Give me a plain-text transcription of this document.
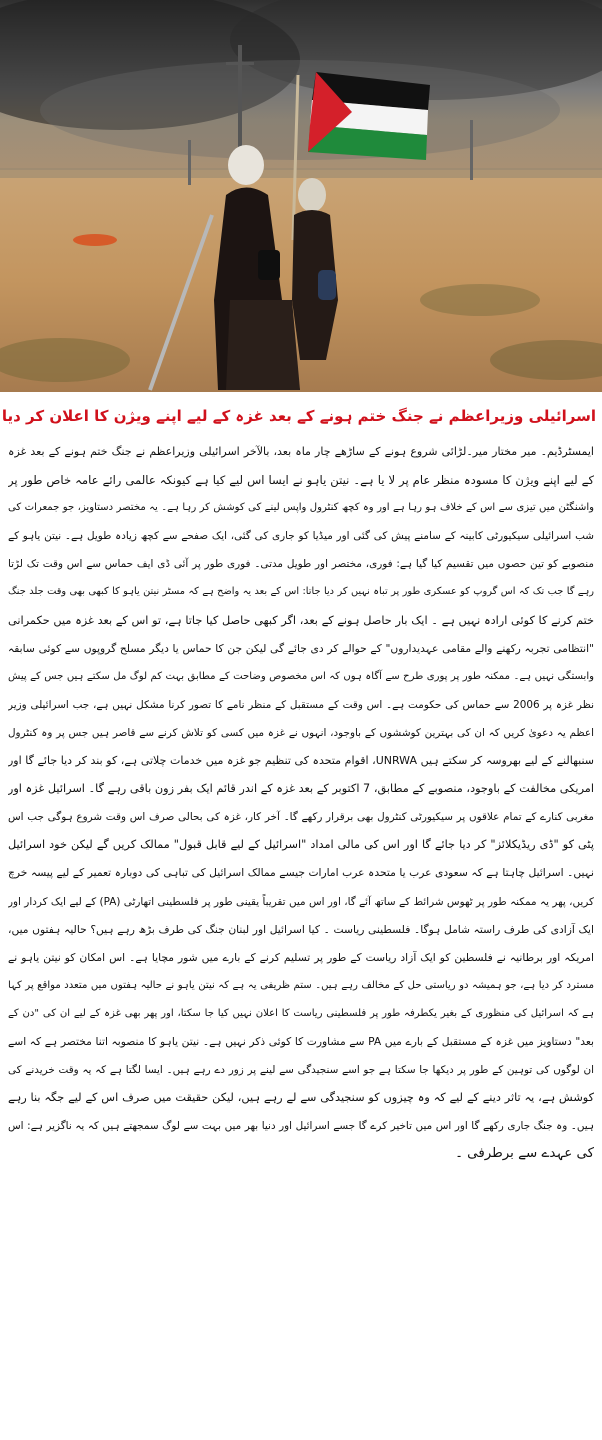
اسرائیلی وزیراعظم نے جنگ ختم ہونے کے بعد غزہ کے لیے اپنے ویژن کا اعلان کر دیا
ایمسٹرڈیم۔ میر مختار میر۔لڑائی شروع ہونے کے ساڑھے چار ماہ بعد، بالآخر اسرائیلی وزیراعظم نے جنگ ختم ہونے کے بعد غزہ
کے لیے اپنے ویژن کا مسودہ منظر عام پر لا یا ہے۔ نیتن یاہو نے ایسا اس لیے کیا ہے کیونکہ عالمی رائے عامہ خاص طور پر
واشنگٹن میں تیزی سے اس کے خلاف ہو رہا ہے اور وہ کچھ کنٹرول واپس لینے کی کوشش کر رہا ہے۔ یہ مختصر دستاویز، جو جمعرات کی
شب اسرائیلی سیکیورٹی کابینہ کے سامنے پیش کی گئی اور میڈیا کو جاری کی گئی، ایک صفحے سے کچھ زیادہ طویل ہے۔ نیتن یاہو کے
منصوبے کو تین حصوں میں تقسیم کیا گیا ہے: فوری، مختصر اور طویل مدتی۔ فوری طور پر آئی ڈی ایف حماس سے اس وقت تک لڑتا
رہے گا جب تک کہ اس گروپ کو عسکری طور پر تباہ نہیں کر دیا جاتا: اس کے بعد یہ واضح ہے کہ مسٹر نیتن یاہو کا کبھی بھی وقت جلد جنگ
ختم کرنے کا کوئی ارادہ نہیں ہے ۔ ایک بار حاصل ہونے کے بعد، اگر کبھی حاصل کیا جاتا ہے، تو اس کے بعد غزہ میں حکمرانی
"انتظامی تجربہ رکھنے والے مقامی عہدیداروں" کے حوالے کر دی جائے گی لیکن جن کا حماس یا دیگر مسلح گروپوں سے کوئی سابقہ
وابستگی نہیں ہے۔ ممکنہ طور پر پوری طرح سے آگاہ ہوں کہ اس مخصوص وضاحت کے مطابق بہت کم لوگ مل سکتے ہیں جس کے پیش
نظر غزہ پر 2006 سے حماس کی حکومت ہے۔ اس وقت کے مستقبل کے منظر نامے کا تصور کرنا مشکل نہیں ہے، جب اسرائیلی وزیر
اعظم یہ دعویٰ کریں کہ ان کی بہترین کوششوں کے باوجود، انہوں نے غزہ میں کسی کو تلاش کرنے سے قاصر ہیں جس پر وہ کنٹرول
سنبھالنے کے لیے بھروسہ کر سکتے ہیں UNRWA، اقوام متحدہ کی تنظیم جو غزہ میں خدمات چلاتی ہے، کو بند کر دیا جائے گا اور
امریکی مخالفت کے باوجود، منصوبے کے مطابق، 7 اکتوبر کے بعد غزہ کے اندر قائم ایک بفر زون باقی رہے گا۔ اسرائیل غزہ اور
مغربی کنارے کے تمام علاقوں پر سیکیورٹی کنٹرول بھی برقرار رکھے گا۔ آخر کار، غزہ کی بحالی صرف اس وقت شروع ہوگی جب اس
پٹی کو "ڈی ریڈیکلائز" کر دیا جائے گا اور اس کی مالی امداد "اسرائیل کے لیے قابل قبول" ممالک کریں گے لیکن خود اسرائیل
نہیں۔ اسرائیل چاہتا ہے کہ سعودی عرب یا متحدہ عرب امارات جیسے ممالک اسرائیل کی تباہی کی دوبارہ تعمیر کے لیے پیسہ خرچ
کریں، پھر یہ ممکنہ طور پر ٹھوس شرائط کے ساتھ آئے گا، اور اس میں تقریباً یقینی طور پر فلسطینی اتھارٹی (PA) کے لیے ایک کردار اور
ایک آزادی کی طرف راستہ شامل ہوگا۔ فلسطینی ریاست ۔ کیا اسرائیل اور لبنان جنگ کی طرف بڑھ رہے ہیں؟ حالیہ ہفتوں میں،
امریکہ اور برطانیہ نے فلسطین کو ایک آزاد ریاست کے طور پر تسلیم کرنے کے بارے میں شور مچایا ہے۔ اس امکان کو نیتن یاہو نے
مسترد کر دیا ہے، جو ہمیشہ دو ریاستی حل کے مخالف رہے ہیں۔ ستم ظریفی یہ ہے کہ نیتن یاہو نے حالیہ ہفتوں میں متعدد مواقع پر کہا
ہے کہ اسرائیل کی منظوری کے بغیر یکطرفہ طور پر فلسطینی ریاست کا اعلان نہیں کیا جا سکتا، اور پھر بھی غزہ کے لیے ان کی "دن کے
بعد" دستاویز میں غزہ کے مستقبل کے بارے میں PA سے مشاورت کا کوئی ذکر نہیں ہے۔ نیتن یاہو کا منصوبہ اتنا مختصر ہے کہ اسے
ان لوگوں کی توہین کے طور پر دیکھا جا سکتا ہے جو اسے سنجیدگی سے لینے پر زور دے رہے ہیں۔ ایسا لگتا ہے کہ یہ وقت خریدنے کی
کوشش ہے، یہ تاثر دینے کے لیے کہ وہ چیزوں کو سنجیدگی سے لے رہے ہیں، لیکن حقیقت میں صرف اس کے لیے جگہ بنا رہے
ہیں۔ وہ جنگ جاری رکھے گا اور اس میں تاخیر کرے گا جسے اسرائیل اور دنیا بھر میں بہت سے لوگ سمجھتے ہیں کہ یہ ناگزیر ہے: اس
کی عہدے سے برطرفی ۔
